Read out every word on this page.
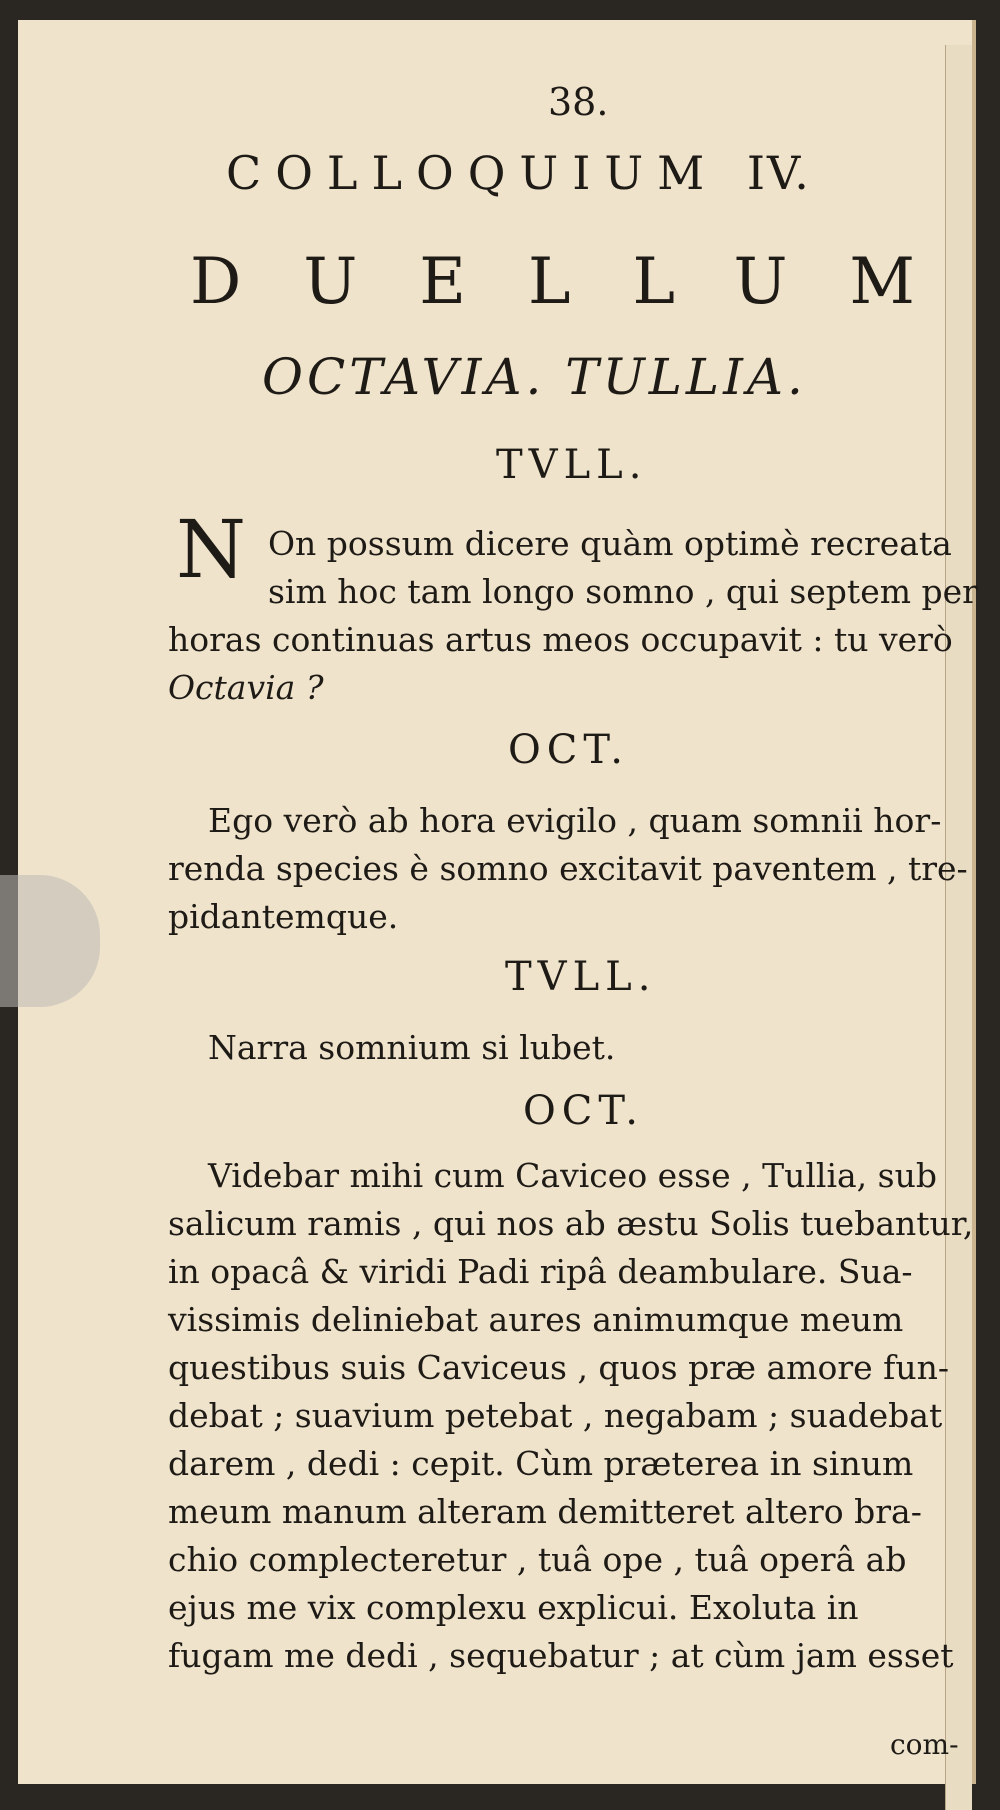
38.
COLLOQUIUM IV.
DUELLUM
OCTAVIA. TULLIA.
TVLL.
N On possum dicere quàm optimè recreata
sim hoc tam longo somno , qui septem per
horas continuas artus meos occupavit : tu verò
Octavia ?
OCT.
Ego verò ab hora evigilo , quam somnii hor-
renda species è somno excitavit paventem , tre-
pidantemque.
TVLL.
Narra somnium si lubet.
OCT.
Videbar mihi cum Caviceo esse , Tullia, sub
salicum ramis , qui nos ab æstu Solis tuebantur,
in opacâ & viridi Padi ripâ deambulare. Sua-
vissimis deliniebat aures animumque meum
questibus suis Caviceus , quos præ amore fun-
debat ; suavium petebat , negabam ; suadebat
darem , dedi : cepit. Cùm præterea in sinum
meum manum alteram demitteret altero bra-
chio complecteretur , tuâ ope , tuâ operâ ab
ejus me vix complexu explicui. Exoluta in
fugam me dedi , sequebatur ; at cùm jam esset
com-
